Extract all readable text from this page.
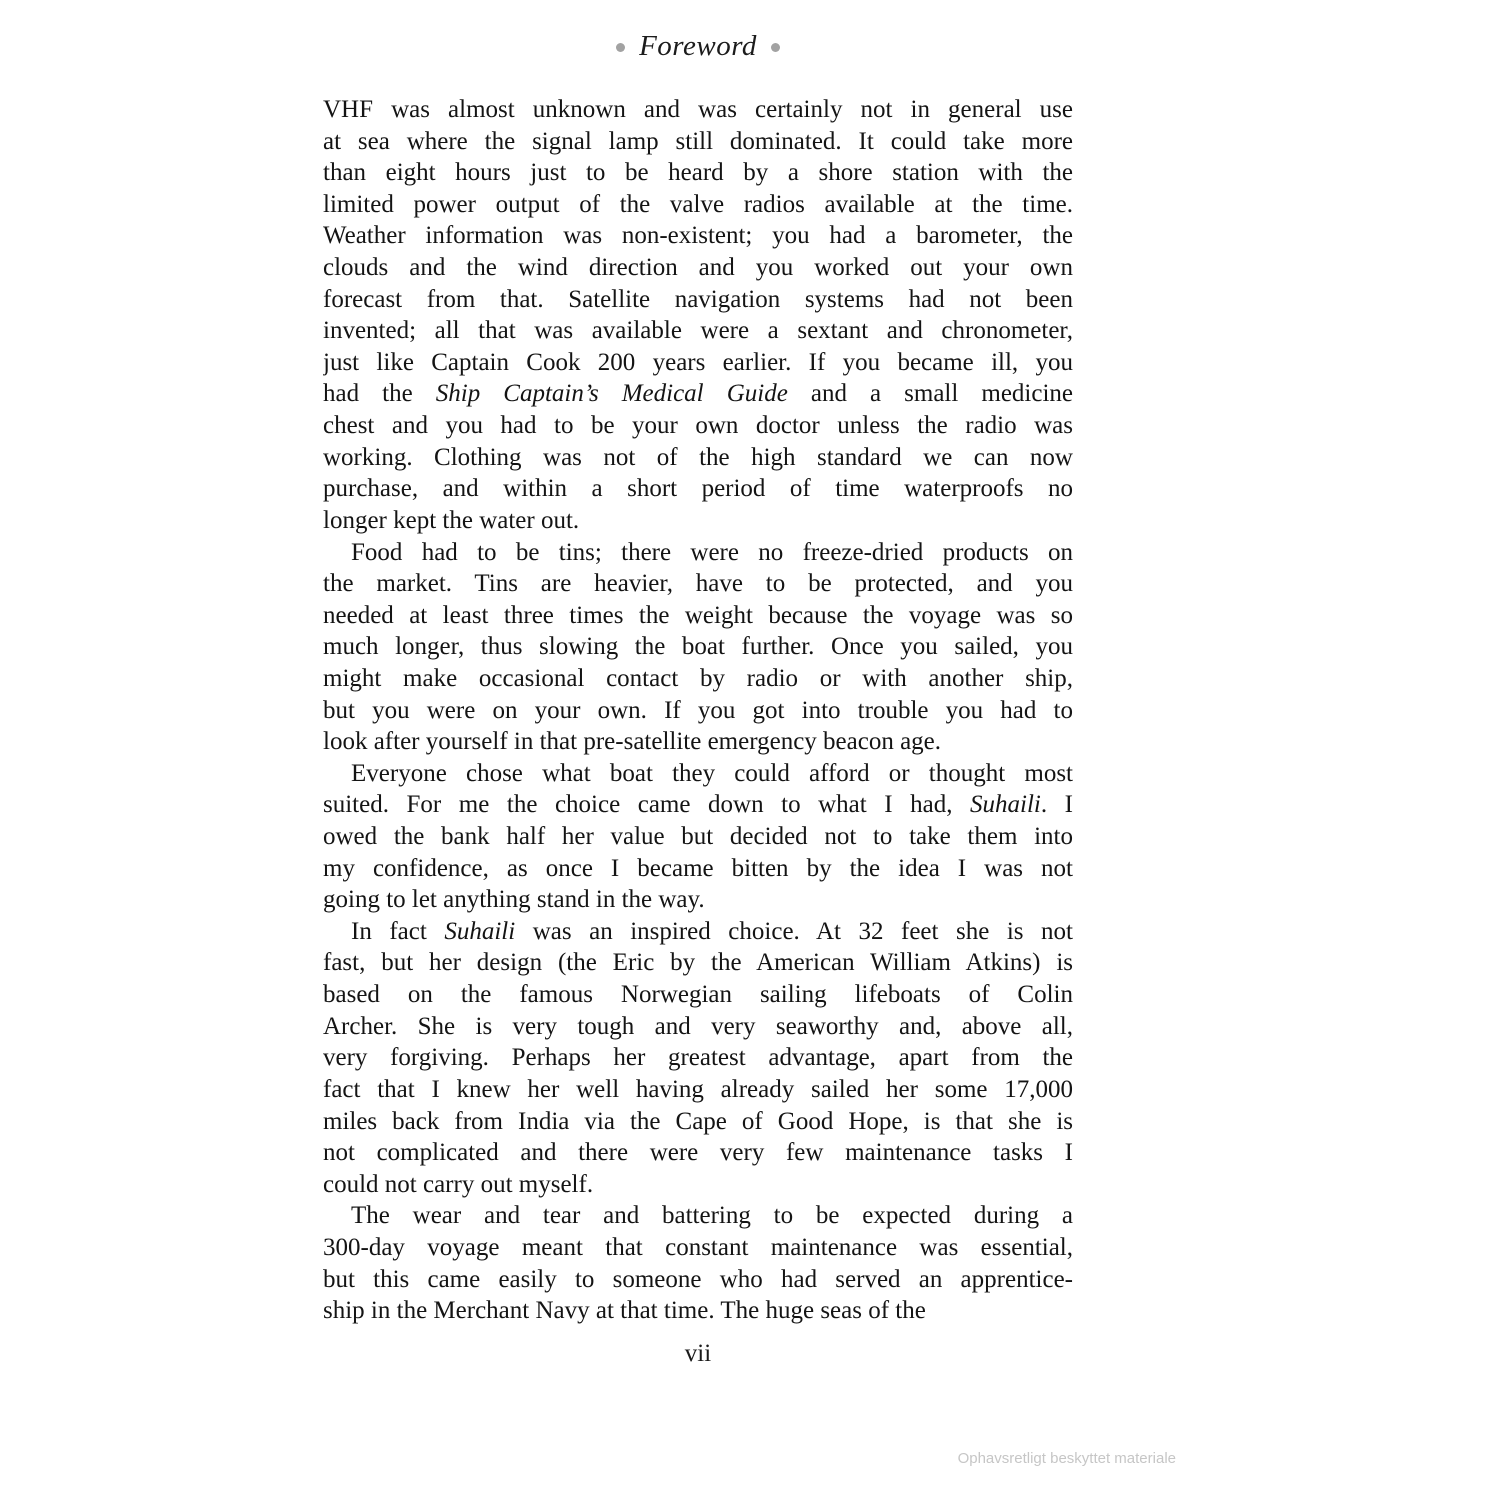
Foreword
VHF was almost unknown and was certainly not in general use
at sea where the signal lamp still dominated. It could take more
than eight hours just to be heard by a shore station with the
limited power output of the valve radios available at the time.
Weather information was non-existent; you had a barometer, the
clouds and the wind direction and you worked out your own
forecast from that. Satellite navigation systems had not been
invented; all that was available were a sextant and chronometer,
just like Captain Cook 200 years earlier. If you became ill, you
had the Ship Captain’s Medical Guide and a small medicine
chest and you had to be your own doctor unless the radio was
working. Clothing was not of the high standard we can now
purchase, and within a short period of time waterproofs no
longer kept the water out.
Food had to be tins; there were no freeze-dried products on
the market. Tins are heavier, have to be protected, and you
needed at least three times the weight because the voyage was so
much longer, thus slowing the boat further. Once you sailed, you
might make occasional contact by radio or with another ship,
but you were on your own. If you got into trouble you had to
look after yourself in that pre-satellite emergency beacon age.
Everyone chose what boat they could afford or thought most
suited. For me the choice came down to what I had, Suhaili. I
owed the bank half her value but decided not to take them into
my confidence, as once I became bitten by the idea I was not
going to let anything stand in the way.
In fact Suhaili was an inspired choice. At 32 feet she is not
fast, but her design (the Eric by the American William Atkins) is
based on the famous Norwegian sailing lifeboats of Colin
Archer. She is very tough and very seaworthy and, above all,
very forgiving. Perhaps her greatest advantage, apart from the
fact that I knew her well having already sailed her some 17,000
miles back from India via the Cape of Good Hope, is that she is
not complicated and there were very few maintenance tasks I
could not carry out myself.
The wear and tear and battering to be expected during a
300-day voyage meant that constant maintenance was essential,
but this came easily to someone who had served an apprentice-
ship in the Merchant Navy at that time. The huge seas of the
vii
Ophavsretligt beskyttet materiale
